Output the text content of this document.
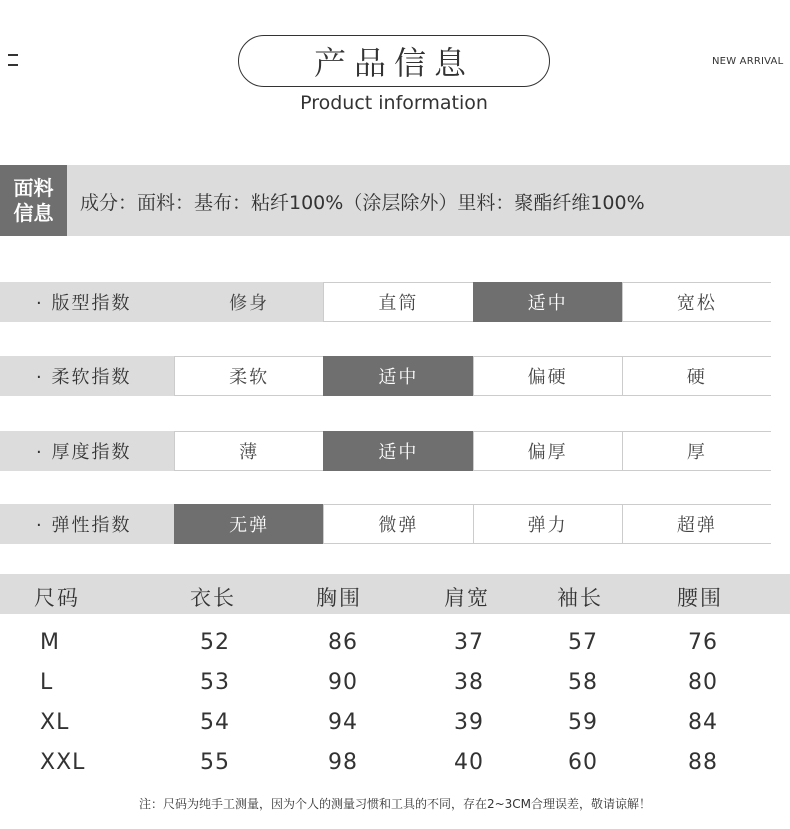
产品信息
Product information
NEW ARRIVAL
面料
信息 成分：面料：基布：粘纤100%（涂层除外）里料：聚酯纤维100%
· 版型指数	修身	直筒	适中	宽松
· 柔软指数	柔软	适中	偏硬	硬
· 厚度指数	薄	适中	偏厚	厚
· 弹性指数	无弹	微弹	弹力	超弹
尺码	衣长	胸围	肩宽	袖长	腰围
M	52	86	37	57	76
L	53	90	38	58	80
XL	54	94	39	59	84
XXL	55	98	40	60	88
注：尺码为纯手工测量，因为个人的测量习惯和工具的不同，存在2~3CM合理误差，敬请谅解！
